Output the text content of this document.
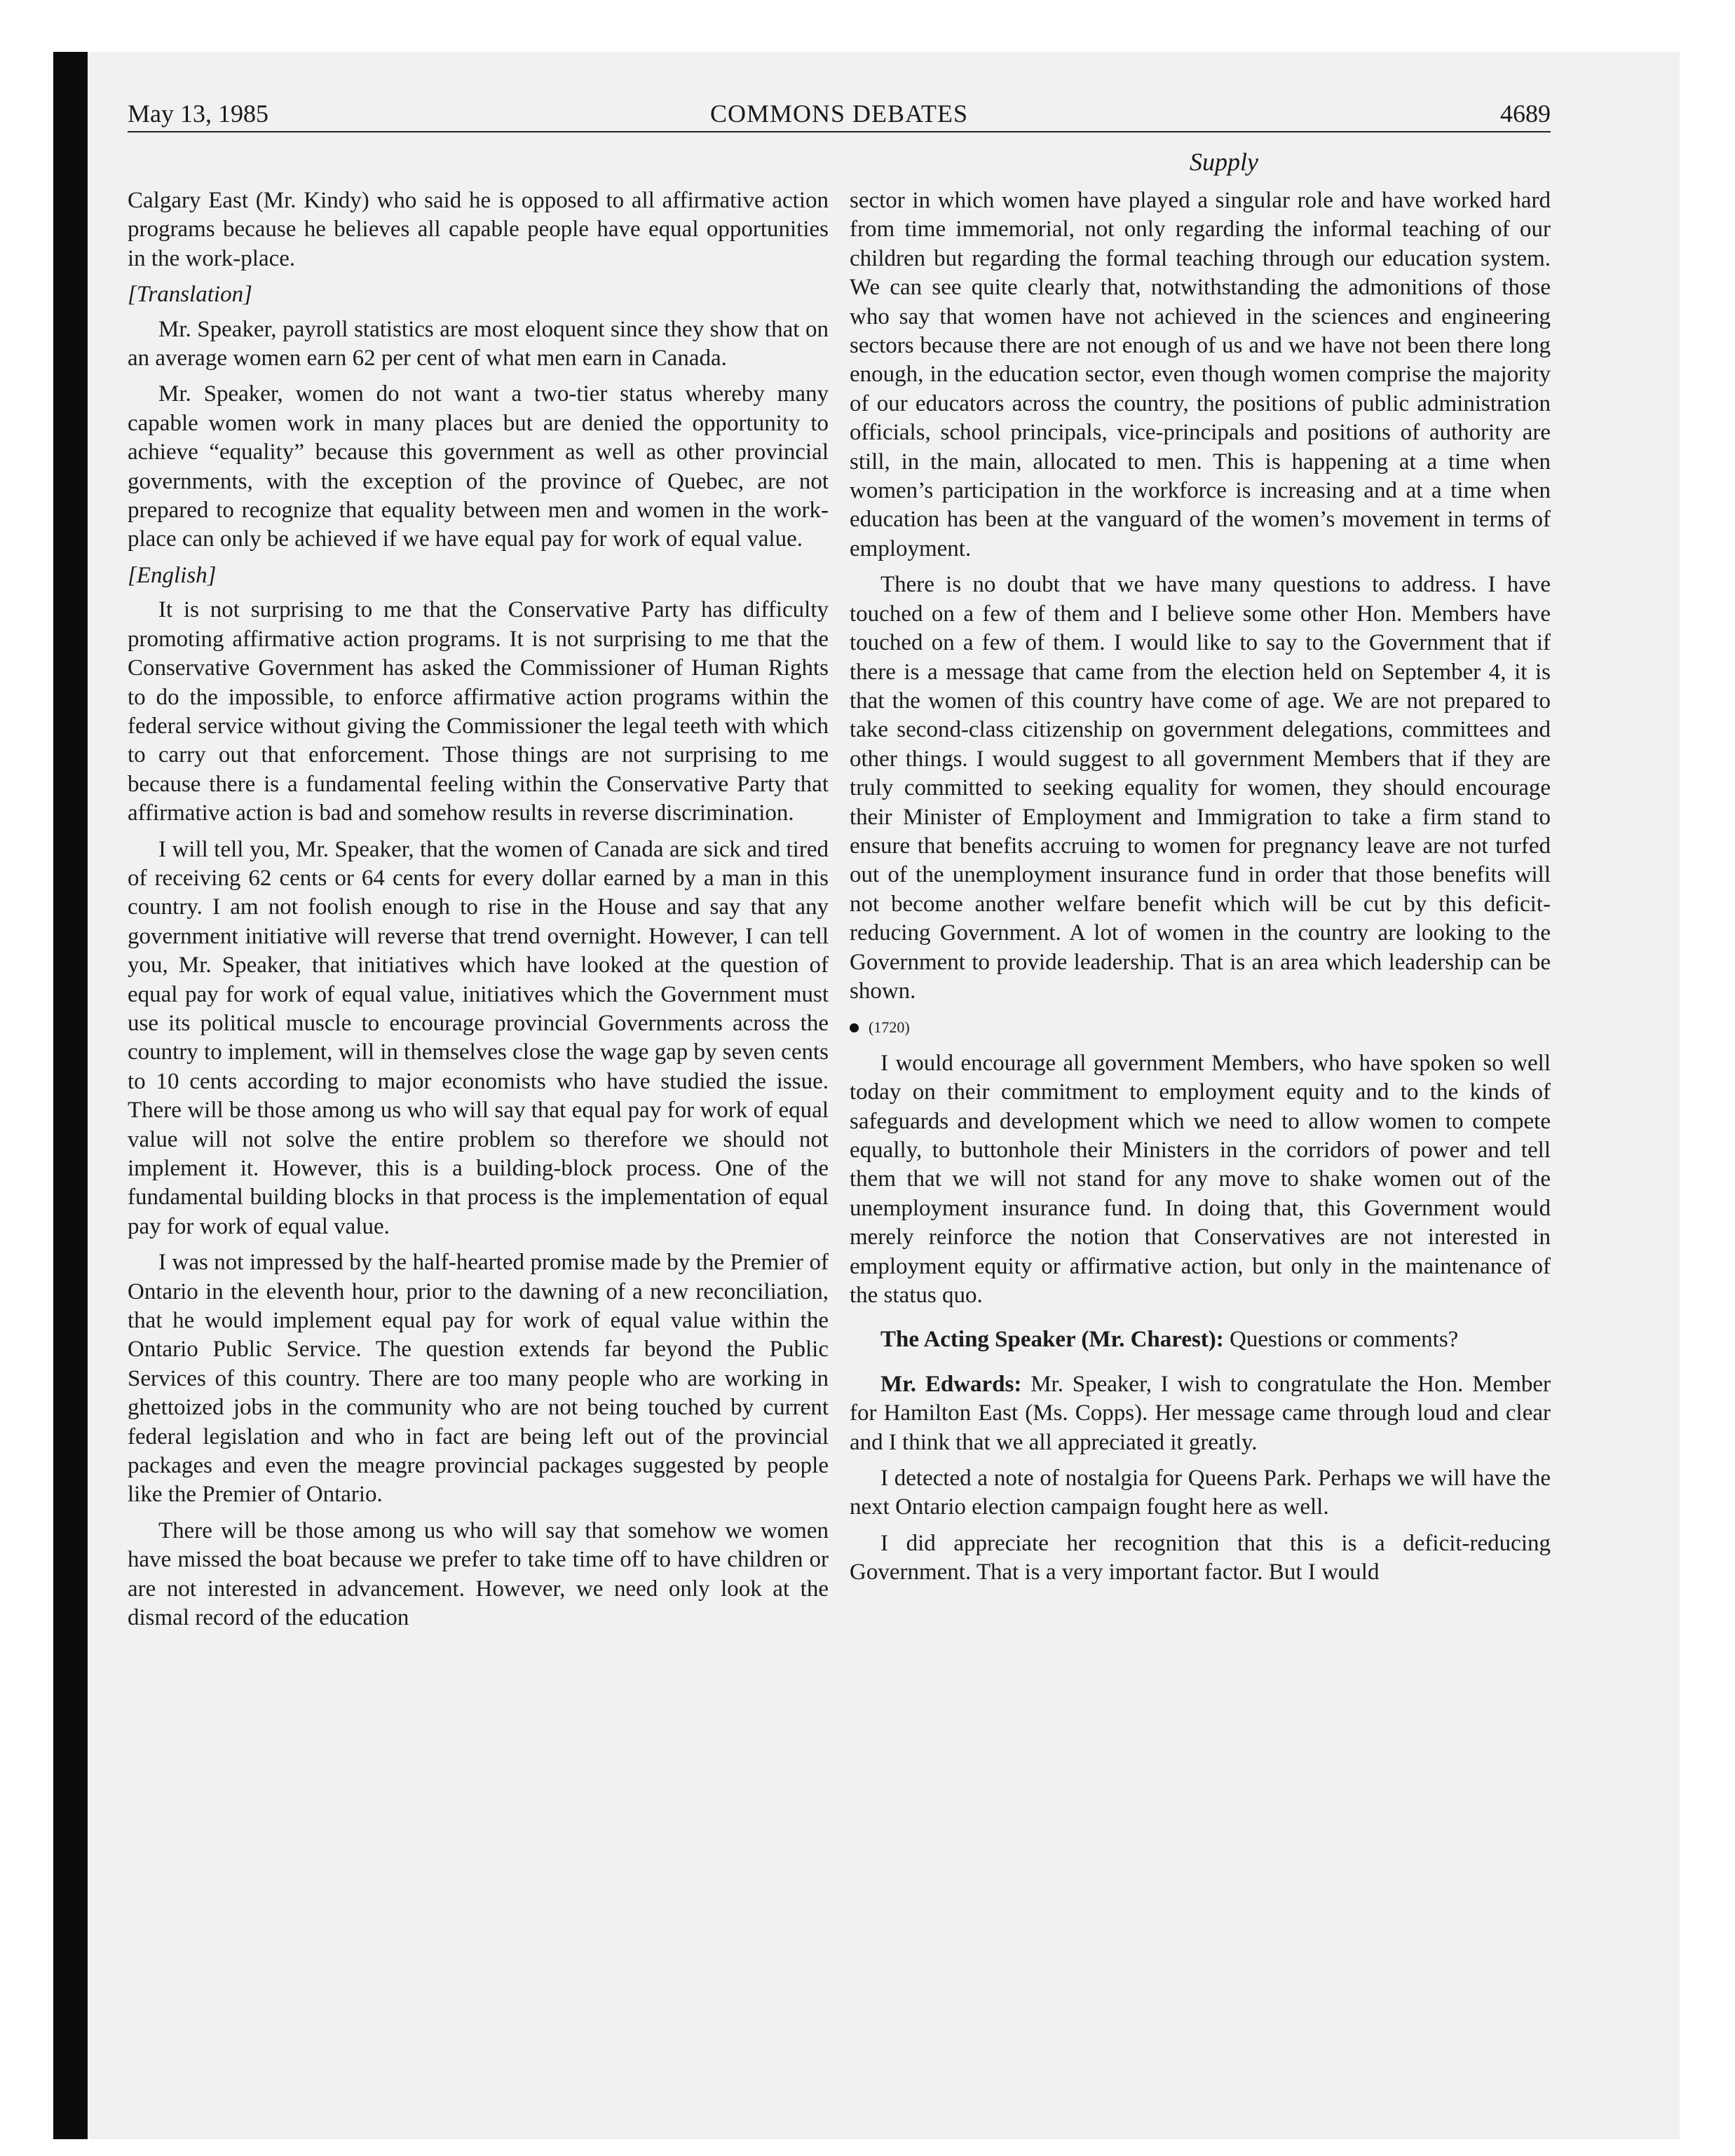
May 13, 1985	COMMONS DEBATES	4689
Supply

Calgary East (Mr. Kindy) who said he is opposed to all affirmative action programs because he believes all capable people have equal opportunities in the work-place.

[Translation]

Mr. Speaker, payroll statistics are most eloquent since they show that on an average women earn 62 per cent of what men earn in Canada.

Mr. Speaker, women do not want a two-tier status whereby many capable women work in many places but are denied the opportunity to achieve “equality” because this government as well as other provincial governments, with the exception of the province of Quebec, are not prepared to recognize that equality between men and women in the work-place can only be achieved if we have equal pay for work of equal value.

[English]

It is not surprising to me that the Conservative Party has difficulty promoting affirmative action programs. It is not surprising to me that the Conservative Government has asked the Commissioner of Human Rights to do the impossible, to enforce affirmative action programs within the federal service without giving the Commissioner the legal teeth with which to carry out that enforcement. Those things are not surprising to me because there is a fundamental feeling within the Conservative Party that affirmative action is bad and somehow results in reverse discrimination.

I will tell you, Mr. Speaker, that the women of Canada are sick and tired of receiving 62 cents or 64 cents for every dollar earned by a man in this country. I am not foolish enough to rise in the House and say that any government initiative will reverse that trend overnight. However, I can tell you, Mr. Speaker, that initiatives which have looked at the question of equal pay for work of equal value, initiatives which the Government must use its political muscle to encourage provincial Governments across the country to implement, will in themselves close the wage gap by seven cents to 10 cents according to major economists who have studied the issue. There will be those among us who will say that equal pay for work of equal value will not solve the entire problem so therefore we should not implement it. However, this is a building-block process. One of the fundamental building blocks in that process is the implementation of equal pay for work of equal value.

I was not impressed by the half-hearted promise made by the Premier of Ontario in the eleventh hour, prior to the dawning of a new reconciliation, that he would implement equal pay for work of equal value within the Ontario Public Service. The question extends far beyond the Public Services of this country. There are too many people who are working in ghettoized jobs in the community who are not being touched by current federal legislation and who in fact are being left out of the provincial packages and even the meagre provincial packages suggested by people like the Premier of Ontario.

There will be those among us who will say that somehow we women have missed the boat because we prefer to take time off to have children or are not interested in advancement. However, we need only look at the dismal record of the education

sector in which women have played a singular role and have worked hard from time immemorial, not only regarding the informal teaching of our children but regarding the formal teaching through our education system. We can see quite clearly that, notwithstanding the admonitions of those who say that women have not achieved in the sciences and engineering sectors because there are not enough of us and we have not been there long enough, in the education sector, even though women comprise the majority of our educators across the country, the positions of public administration officials, school principals, vice-principals and positions of authority are still, in the main, allocated to men. This is happening at a time when women’s participation in the workforce is increasing and at a time when education has been at the vanguard of the women’s movement in terms of employment.

There is no doubt that we have many questions to address. I have touched on a few of them and I believe some other Hon. Members have touched on a few of them. I would like to say to the Government that if there is a message that came from the election held on September 4, it is that the women of this country have come of age. We are not prepared to take second-class citizenship on government delegations, committees and other things. I would suggest to all government Members that if they are truly committed to seeking equality for women, they should encourage their Minister of Employment and Immigration to take a firm stand to ensure that benefits accruing to women for pregnancy leave are not turfed out of the unemployment insurance fund in order that those benefits will not become another welfare benefit which will be cut by this deficit-reducing Government. A lot of women in the country are looking to the Government to provide leadership. That is an area which leadership can be shown.

(1720)

I would encourage all government Members, who have spoken so well today on their commitment to employment equity and to the kinds of safeguards and development which we need to allow women to compete equally, to buttonhole their Ministers in the corridors of power and tell them that we will not stand for any move to shake women out of the unemployment insurance fund. In doing that, this Government would merely reinforce the notion that Conservatives are not interested in employment equity or affirmative action, but only in the maintenance of the status quo.

The Acting Speaker (Mr. Charest): Questions or comments?

Mr. Edwards: Mr. Speaker, I wish to congratulate the Hon. Member for Hamilton East (Ms. Copps). Her message came through loud and clear and I think that we all appreciated it greatly.

I detected a note of nostalgia for Queens Park. Perhaps we will have the next Ontario election campaign fought here as well.

I did appreciate her recognition that this is a deficit-reducing Government. That is a very important factor. But I would
